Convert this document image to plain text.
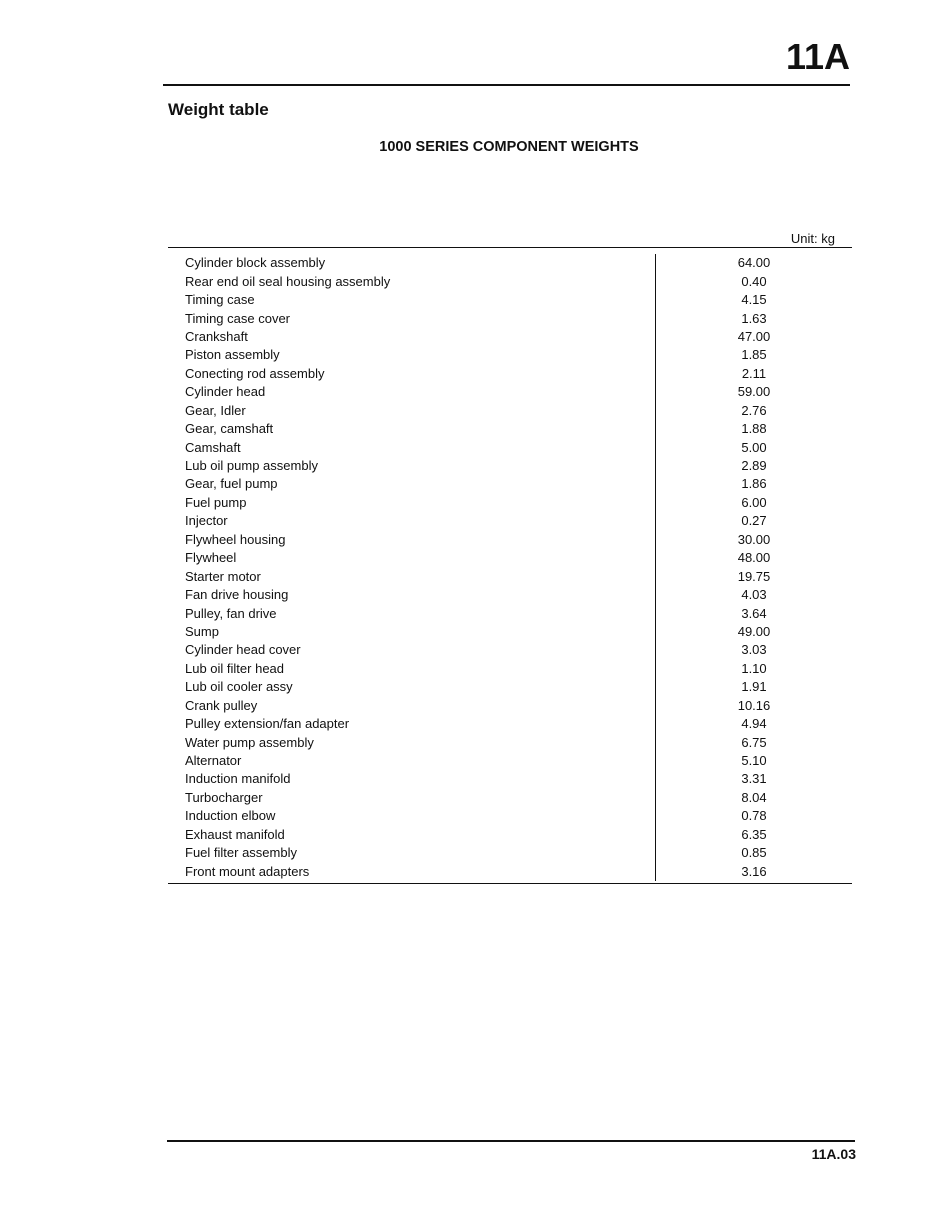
11A
Weight table
1000 SERIES COMPONENT WEIGHTS
Unit: kg
Cylinder block assembly	64.00
Rear end oil seal housing assembly	0.40
Timing case	4.15
Timing case cover	1.63
Crankshaft	47.00
Piston assembly	1.85
Conecting rod assembly	2.11
Cylinder head	59.00
Gear, Idler	2.76
Gear, camshaft	1.88
Camshaft	5.00
Lub oil pump assembly	2.89
Gear, fuel pump	1.86
Fuel pump	6.00
Injector	0.27
Flywheel housing	30.00
Flywheel	48.00
Starter motor	19.75
Fan drive housing	4.03
Pulley, fan drive	3.64
Sump	49.00
Cylinder head cover	3.03
Lub oil filter head	1.10
Lub oil cooler assy	1.91
Crank pulley	10.16
Pulley extension/fan adapter	4.94
Water pump assembly	6.75
Alternator	5.10
Induction manifold	3.31
Turbocharger	8.04
Induction elbow	0.78
Exhaust manifold	6.35
Fuel filter assembly	0.85
Front mount adapters	3.16
11A.03
